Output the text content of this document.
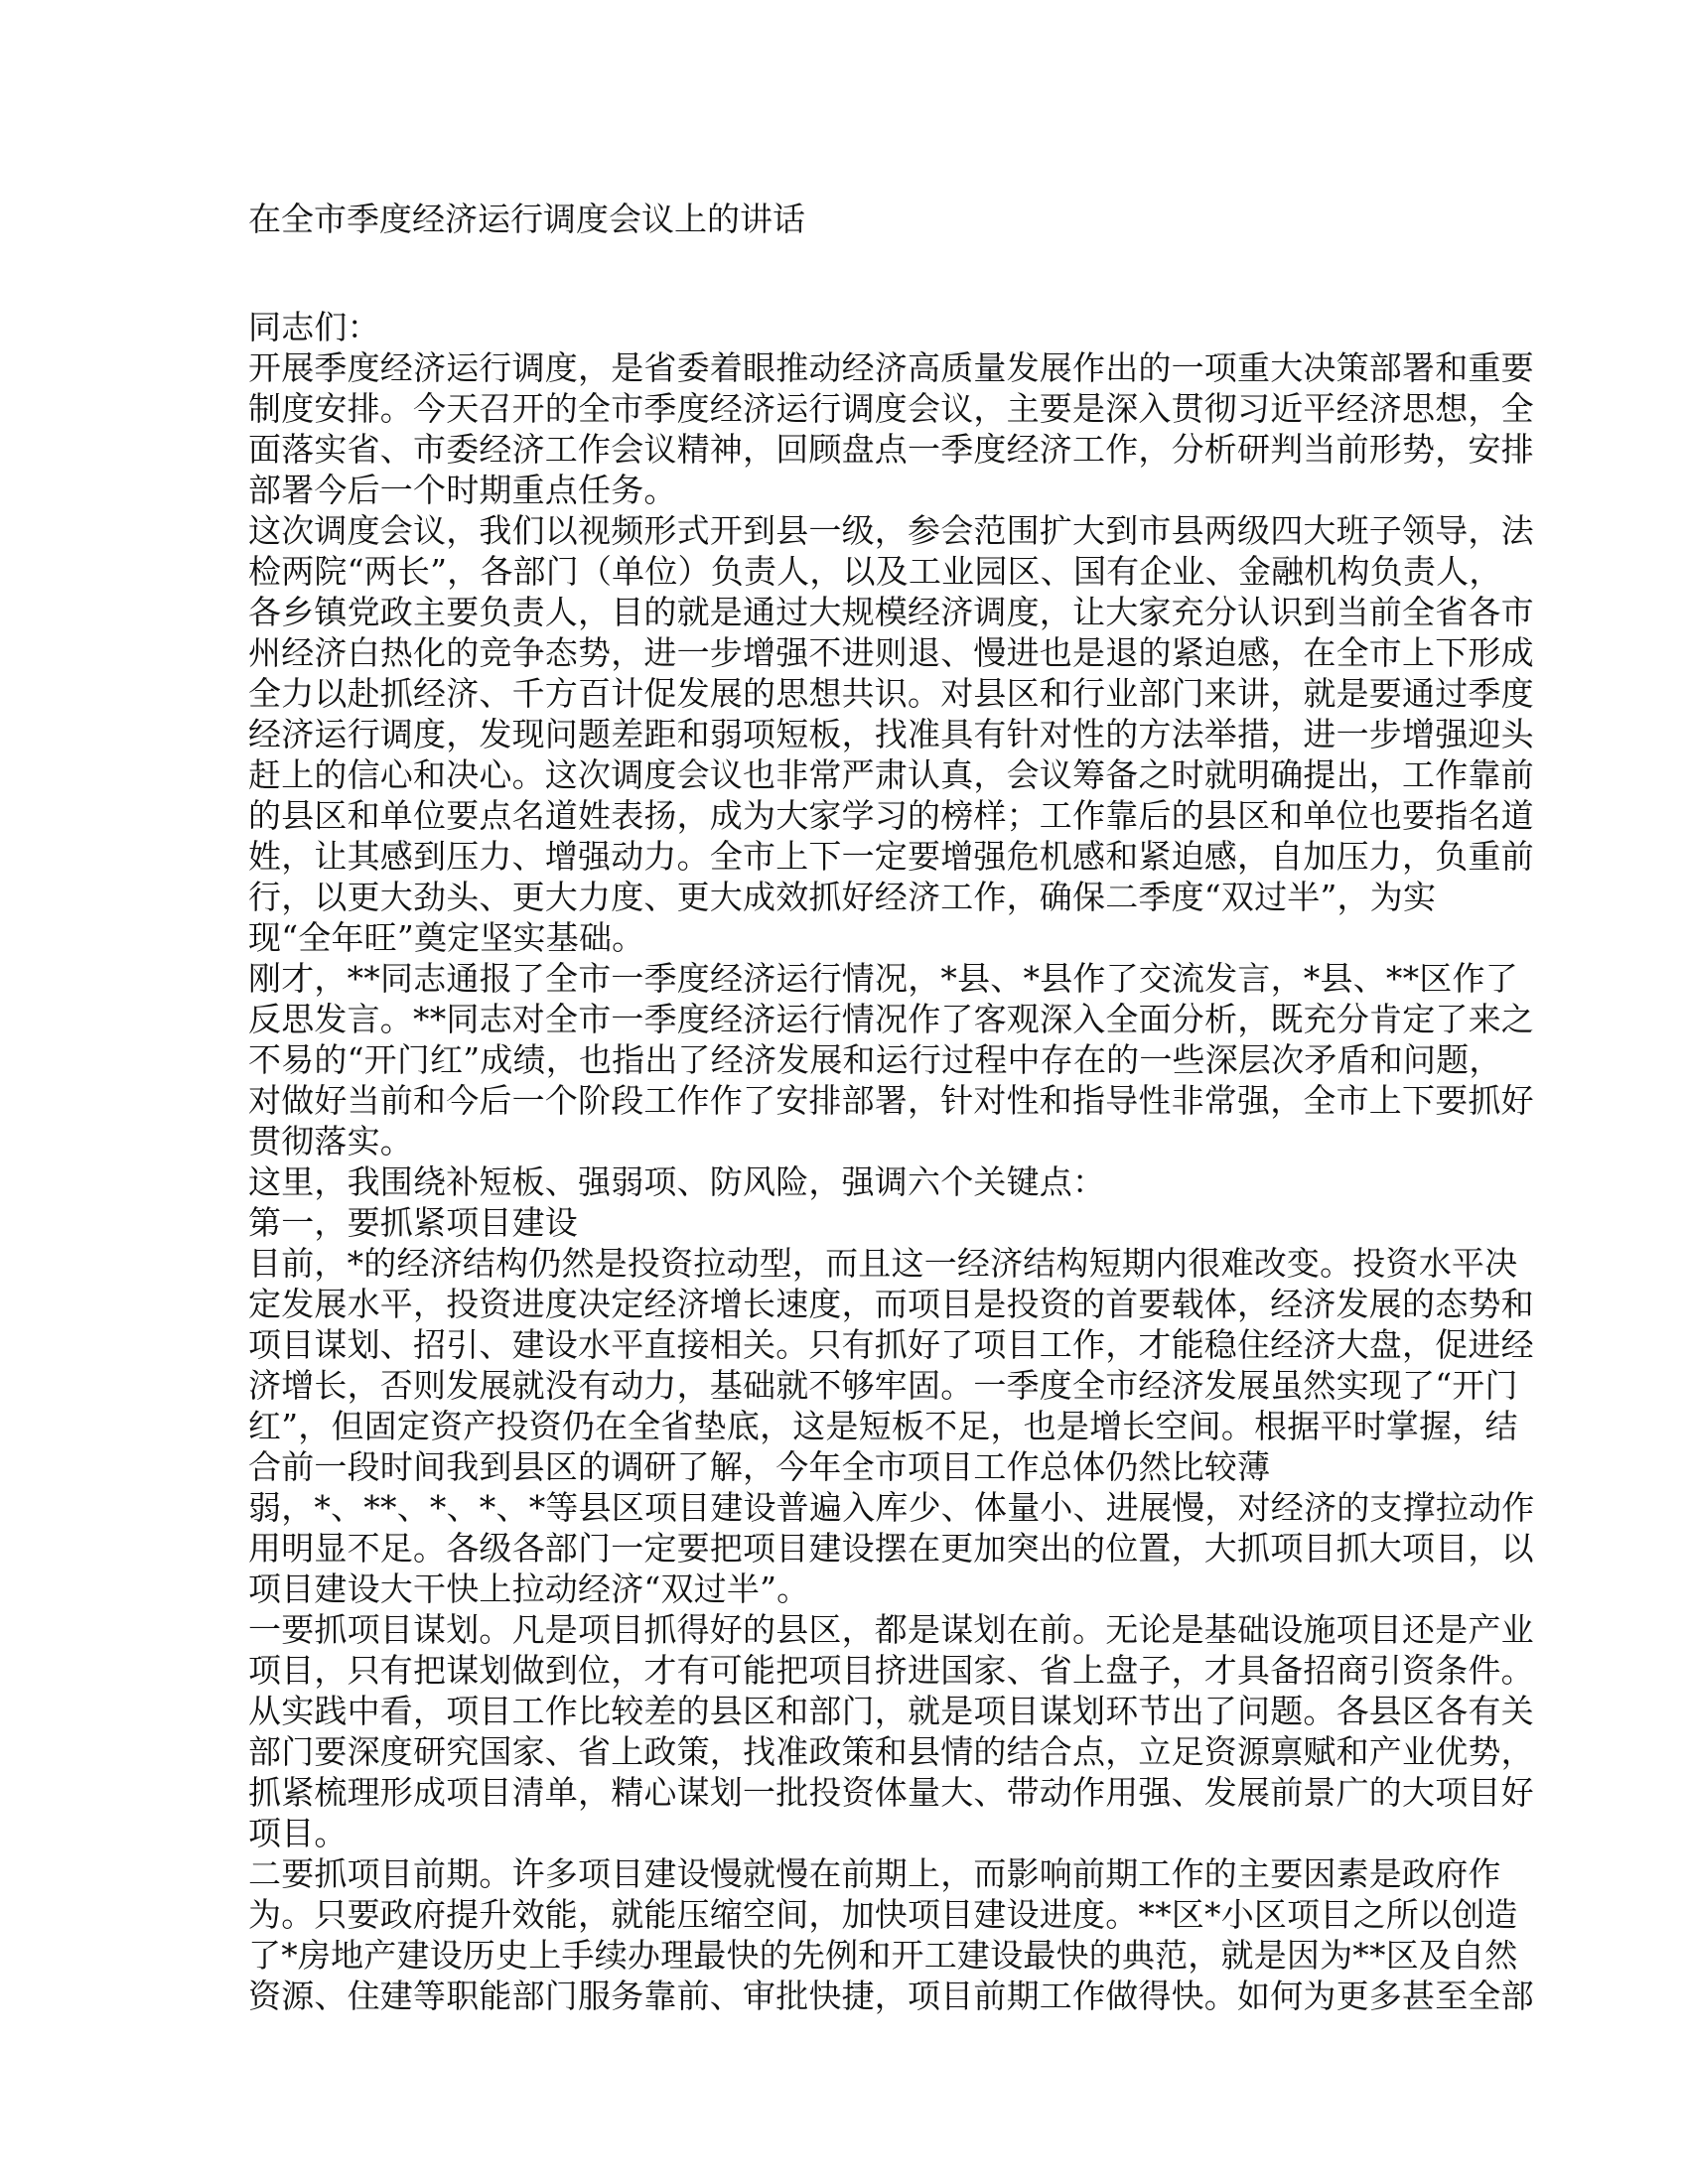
在全市季度经济运行调度会议上的讲话
同志们：
开展季度经济运行调度，是省委着眼推动经济高质量发展作出的一项重大决策部署和重要
制度安排。今天召开的全市季度经济运行调度会议，主要是深入贯彻习近平经济思想，全
面落实省、市委经济工作会议精神，回顾盘点一季度经济工作，分析研判当前形势，安排
部署今后一个时期重点任务。
这次调度会议，我们以视频形式开到县一级，参会范围扩大到市县两级四大班子领导，法
检两院“两长”，各部门（单位）负责人，以及工业园区、国有企业、金融机构负责人，
各乡镇党政主要负责人，目的就是通过大规模经济调度，让大家充分认识到当前全省各市
州经济白热化的竞争态势，进一步增强不进则退、慢进也是退的紧迫感，在全市上下形成
全力以赴抓经济、千方百计促发展的思想共识。对县区和行业部门来讲，就是要通过季度
经济运行调度，发现问题差距和弱项短板，找准具有针对性的方法举措，进一步增强迎头
赶上的信心和决心。这次调度会议也非常严肃认真，会议筹备之时就明确提出，工作靠前
的县区和单位要点名道姓表扬，成为大家学习的榜样；工作靠后的县区和单位也要指名道
姓，让其感到压力、增强动力。全市上下一定要增强危机感和紧迫感，自加压力，负重前
行，以更大劲头、更大力度、更大成效抓好经济工作，确保二季度“双过半”，为实
现“全年旺”奠定坚实基础。
刚才，**同志通报了全市一季度经济运行情况，*县、*县作了交流发言，*县、**区作了
反思发言。**同志对全市一季度经济运行情况作了客观深入全面分析，既充分肯定了来之
不易的“开门红”成绩，也指出了经济发展和运行过程中存在的一些深层次矛盾和问题，
对做好当前和今后一个阶段工作作了安排部署，针对性和指导性非常强，全市上下要抓好
贯彻落实。
这里，我围绕补短板、强弱项、防风险，强调六个关键点：
第一，要抓紧项目建设
目前，*的经济结构仍然是投资拉动型，而且这一经济结构短期内很难改变。投资水平决
定发展水平，投资进度决定经济增长速度，而项目是投资的首要载体，经济发展的态势和
项目谋划、招引、建设水平直接相关。只有抓好了项目工作，才能稳住经济大盘，促进经
济增长，否则发展就没有动力，基础就不够牢固。一季度全市经济发展虽然实现了“开门
红”，但固定资产投资仍在全省垫底，这是短板不足，也是增长空间。根据平时掌握，结
合前一段时间我到县区的调研了解，今年全市项目工作总体仍然比较薄
弱，*、**、*、*、*等县区项目建设普遍入库少、体量小、进展慢，对经济的支撑拉动作
用明显不足。各级各部门一定要把项目建设摆在更加突出的位置，大抓项目抓大项目，以
项目建设大干快上拉动经济“双过半”。
一要抓项目谋划。凡是项目抓得好的县区，都是谋划在前。无论是基础设施项目还是产业
项目，只有把谋划做到位，才有可能把项目挤进国家、省上盘子，才具备招商引资条件。
从实践中看，项目工作比较差的县区和部门，就是项目谋划环节出了问题。各县区各有关
部门要深度研究国家、省上政策，找准政策和县情的结合点，立足资源禀赋和产业优势，
抓紧梳理形成项目清单，精心谋划一批投资体量大、带动作用强、发展前景广的大项目好
项目。
二要抓项目前期。许多项目建设慢就慢在前期上，而影响前期工作的主要因素是政府作
为。只要政府提升效能，就能压缩空间，加快项目建设进度。**区*小区项目之所以创造
了*房地产建设历史上手续办理最快的先例和开工建设最快的典范，就是因为**区及自然
资源、住建等职能部门服务靠前、审批快捷，项目前期工作做得快。如何为更多甚至全部
